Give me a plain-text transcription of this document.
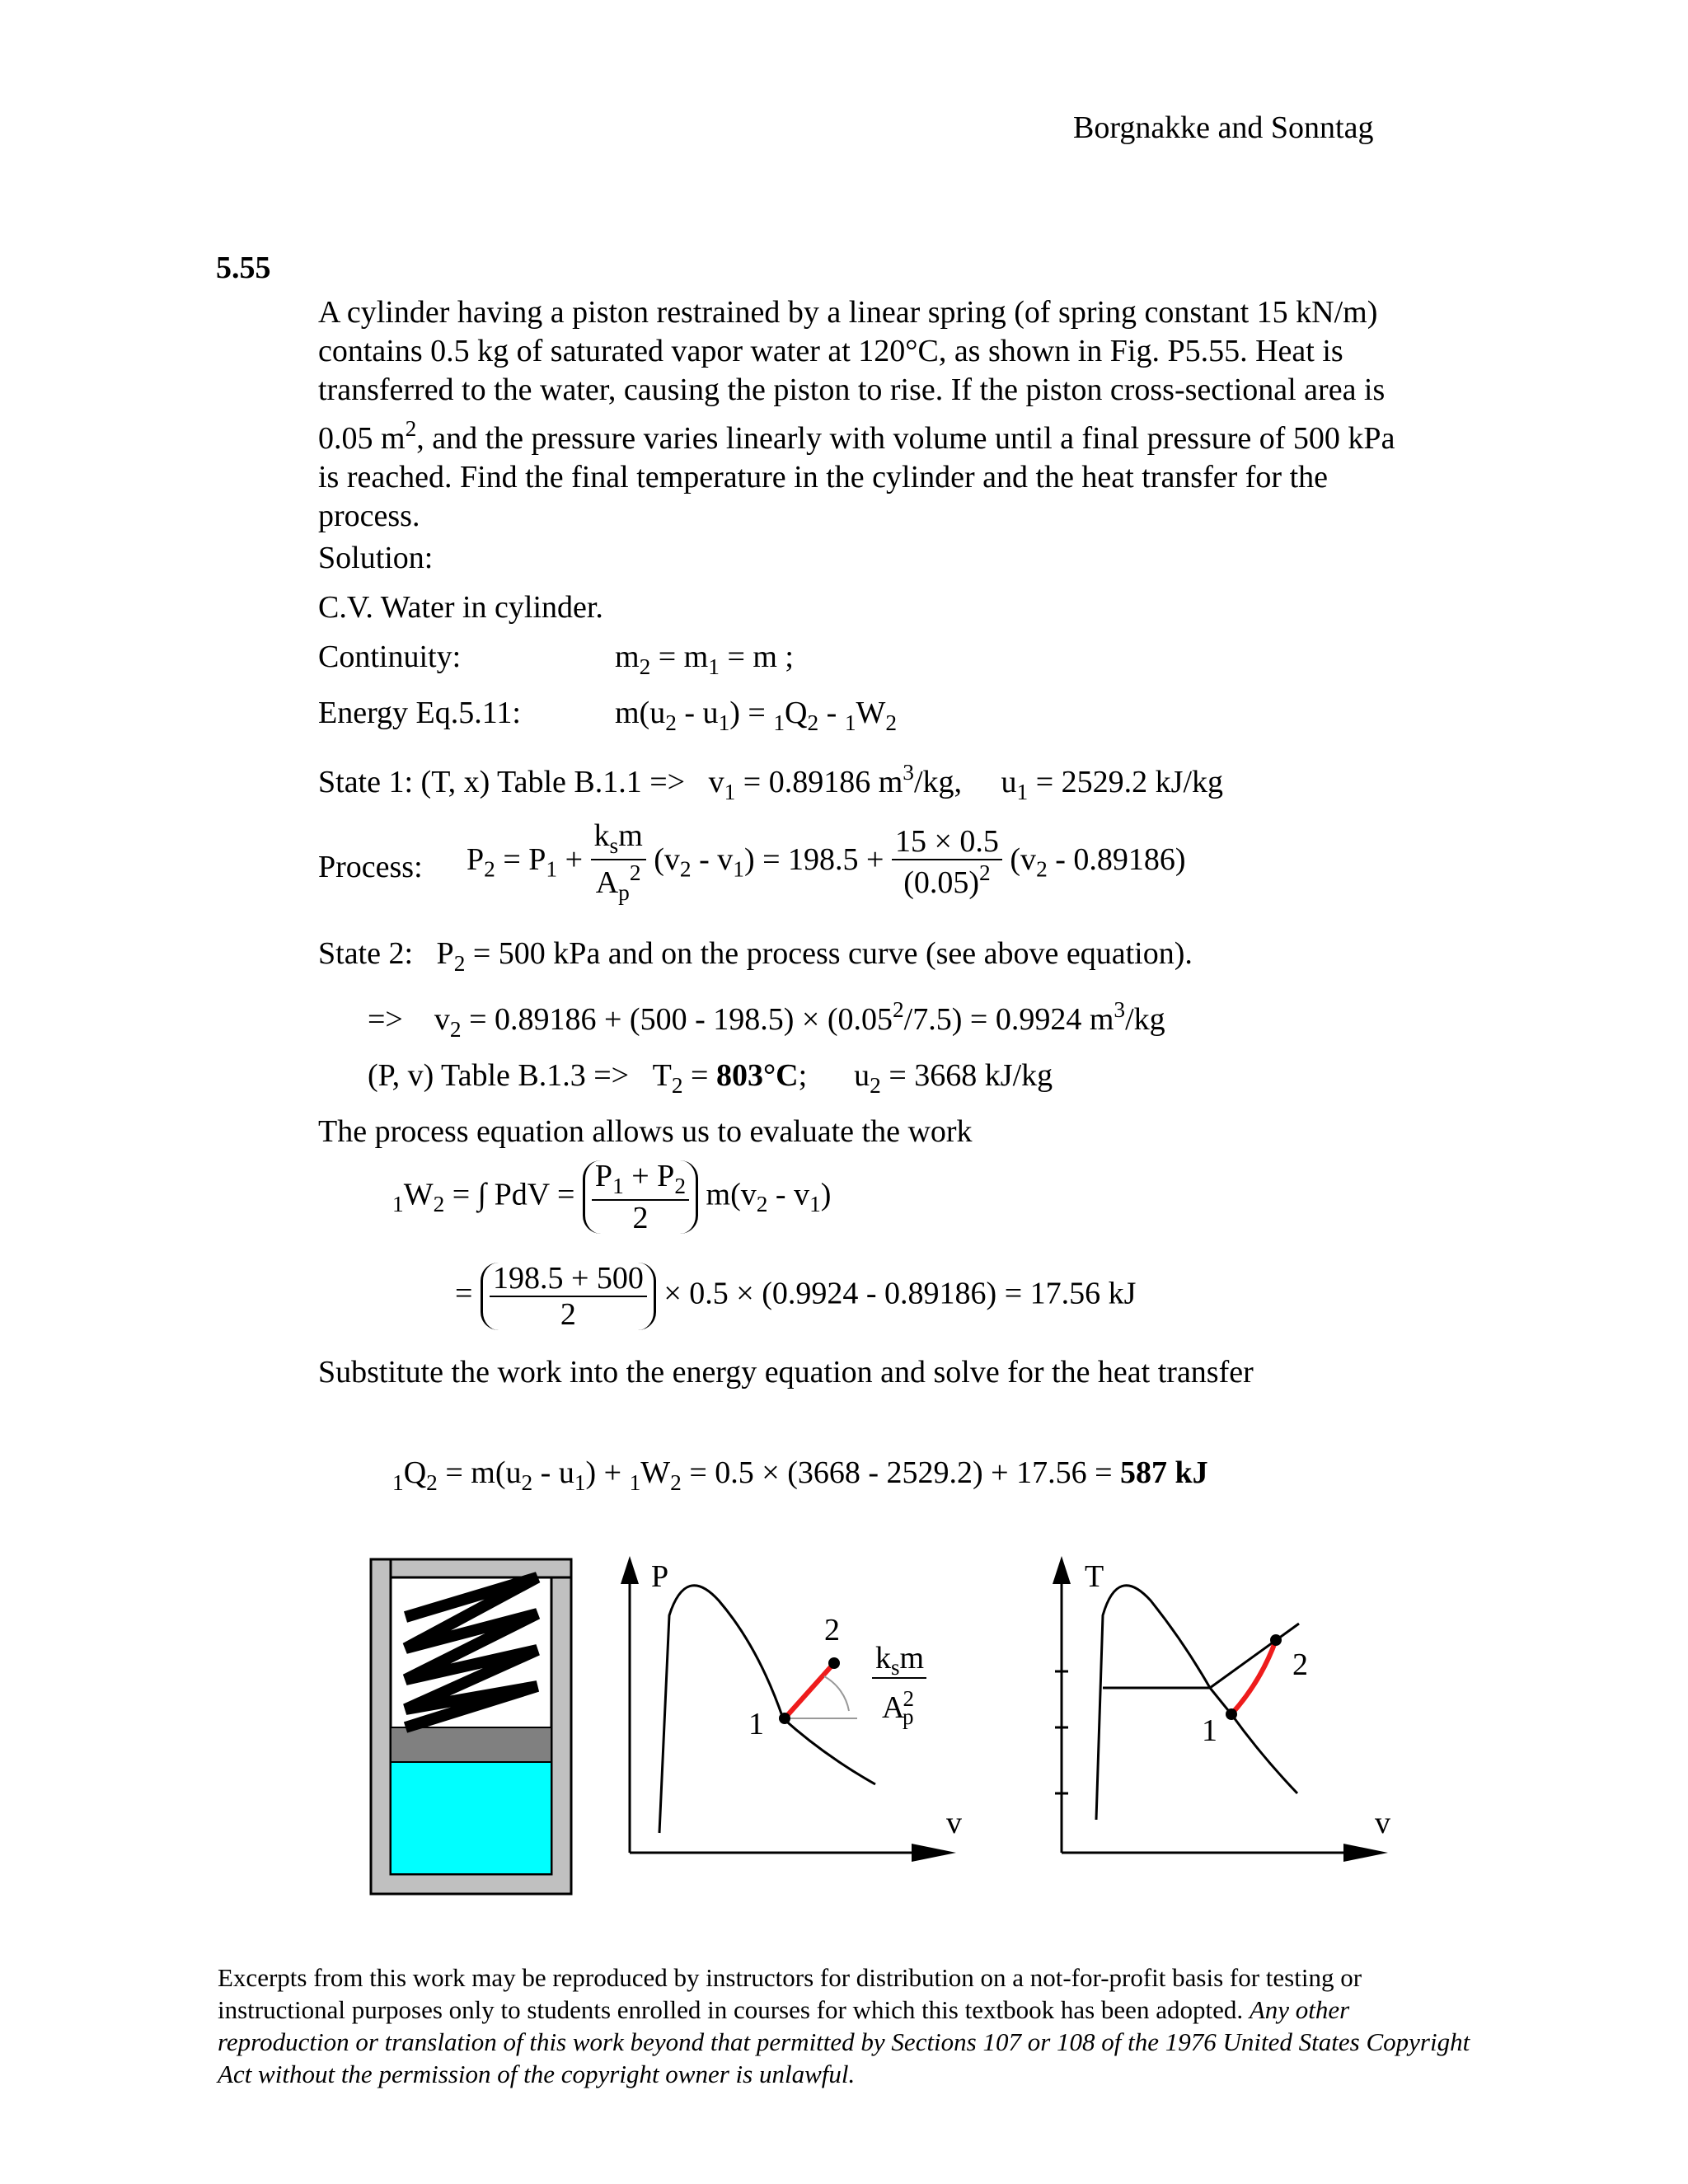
Borgnakke and Sonntag
5.55
A cylinder having a piston restrained by a linear spring (of spring constant 15 kN/m)
contains 0.5 kg of saturated vapor water at 120°C, as shown in Fig. P5.55. Heat is
transferred to the water, causing the piston to rise. If the piston cross-sectional area is
0.05 $m^2$, and the pressure varies linearly with volume until a final pressure of 500 kPa
is reached. Find the final temperature in the cylinder and the heat transfer for the
process.
Solution:
C.V. Water in cylinder.
Continuity:	$m_2 = m_1 = m$ ;
Energy Eq.5.11:	$m(u_2 - u_1) = _1Q_2 - _1W_2$
State 1: (T, x) Table $B.1.1 => v_1 = 0.89186$ $m^3/kg$,     $u_1 = 2529.2$ kJ/kg
Process: $P_2 = P_1 + \frac{k_sm}{A_p^2} (v_2 - v_1) = 198.5 + \frac{15 \times 0.5}{(0.05)^2} (v_2 - 0.89186)$
State 2:   $P_2 = 500$ kPa and on the process curve (see above equation).
=>    $v_2 = 0.89186 + (500 - 198.5) \times (0.05^2/7.5) = 0.9924$ $m^3/kg$
(P, v) Table $B.1.3 => T_2 = 803^\circ C$;      $u_2 = 3668$ kJ/kg
The process equation allows us to evaluate the work
$_1W_2$ = ∫ PdV = $\frac{P_1 + P_2}{2} m(v_2 - v_1)$
= $\frac{198.5 + 500}{2} \times 0.5 \times (0.9924 - 0.89186) = 17.56$ kJ
Substitute the work into the energy equation and solve for the heat transfer
$_1Q_2 = m(u_2 - u_1) + _1W_2 = 0.5 \times (3668 - 2529.2) + 17.56 = 587$ kJ
P
v
1
2
$k_sm$
A2 p
T
v
1
2
Excerpts from this work may be reproduced by instructors for distribution on a not-for-profit basis for testing or instructional purposes only to students enrolled in courses for which this textbook has been adopted. Any other reproduction or translation of this work beyond that permitted by Sections 107 or 108 of the 1976 United States Copyright Act without the permission of the copyright owner is unlawful.
